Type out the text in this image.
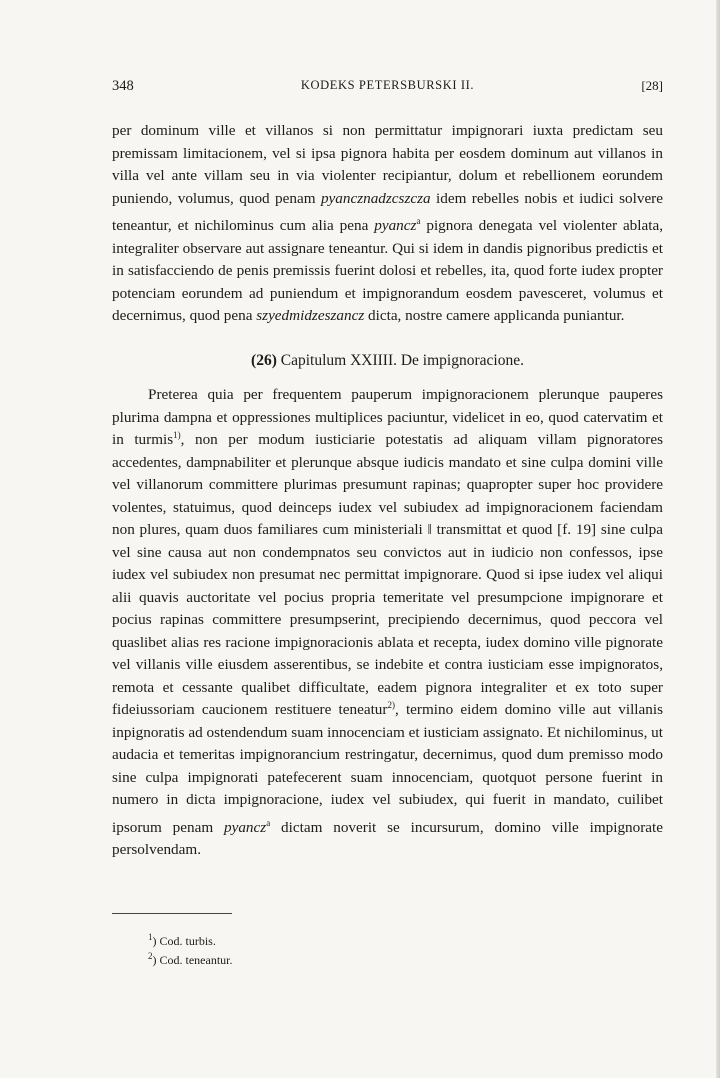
348	KODEKS PETERSBURSKI II.	[28]

per dominum ville et villanos si non permittatur impignorari iuxta predictam seu premissam limitacionem, vel si ipsa pignora habita per eosdem dominum aut villanos in villa vel ante villam seu in via violenter recipiantur, dolum et rebellionem eorundem puniendo, volumus, quod penam pyancznadzcszcza idem rebelles nobis et iudici solvere teneantur, et nichilominus cum alia pena pyancz$^a$ pignora denegata vel violenter ablata, integraliter observare aut assignare teneantur. Qui si idem in dandis pignoribus predictis et in satisfacciendo de penis premissis fuerint dolosi et rebelles, ita, quod forte iudex propter potenciam eorundem ad puniendum et impignorandum eosdem pavesceret, volumus et decernimus, quod pena szyedmidzeszancz dicta, nostre camere applicanda puniantur.

(26) Capitulum XXIIII. De impignoracione.

Preterea quia per frequentem pauperum impignoracionem plerunque pauperes plurima dampna et oppressiones multiplices paciuntur, videlicet in eo, quod catervatim et in turmis$^{1)}$, non per modum iusticiarie potestatis ad aliquam villam pignoratores accedentes, dampnabiliter et plerunque absque iudicis mandato et sine culpa domini ville vel villanorum committere plurimas presumunt rapinas; quapropter super hoc providere volentes, statuimus, quod deinceps iudex vel subiudex ad impignoracionem faciendam non plures, quam duos familiares cum ministeriali ‖ transmittat et quod [f. 19] sine culpa vel sine causa aut non condempnatos seu convictos aut in iudicio non confessos, ipse iudex vel subiudex non presumat nec permittat impignorare. Quod si ipse iudex vel aliqui alii quavis auctoritate vel pocius propria temeritate vel presumpcione impignorare et pocius rapinas committere presumpserint, precipiendo decernimus, quod peccora vel quaslibet alias res racione impignoracionis ablata et recepta, iudex domino ville pignorate vel villanis ville eiusdem asserentibus, se indebite et contra iusticiam esse impignoratos, remota et cessante qualibet difficultate, eadem pignora integraliter et ex toto super fideiussoriam caucionem restituere teneatur$^{2)}$, termino eidem domino ville aut villanis inpignoratis ad ostendendum suam innocenciam et iusticiam assignato. Et nichilominus, ut audacia et temeritas impignorancium restringatur, decernimus, quod dum premisso modo sine culpa impignorati patefecerent suam innocenciam, quotquot persone fuerint in numero in dicta impignoracione, iudex vel subiudex, qui fuerit in mandato, cuilibet ipsorum penam pyancz$^a$ dictam noverit se incursurum, domino ville impignorate persolvendam.

$^1$) Cod. turbis.
$^2$) Cod. teneantur.
